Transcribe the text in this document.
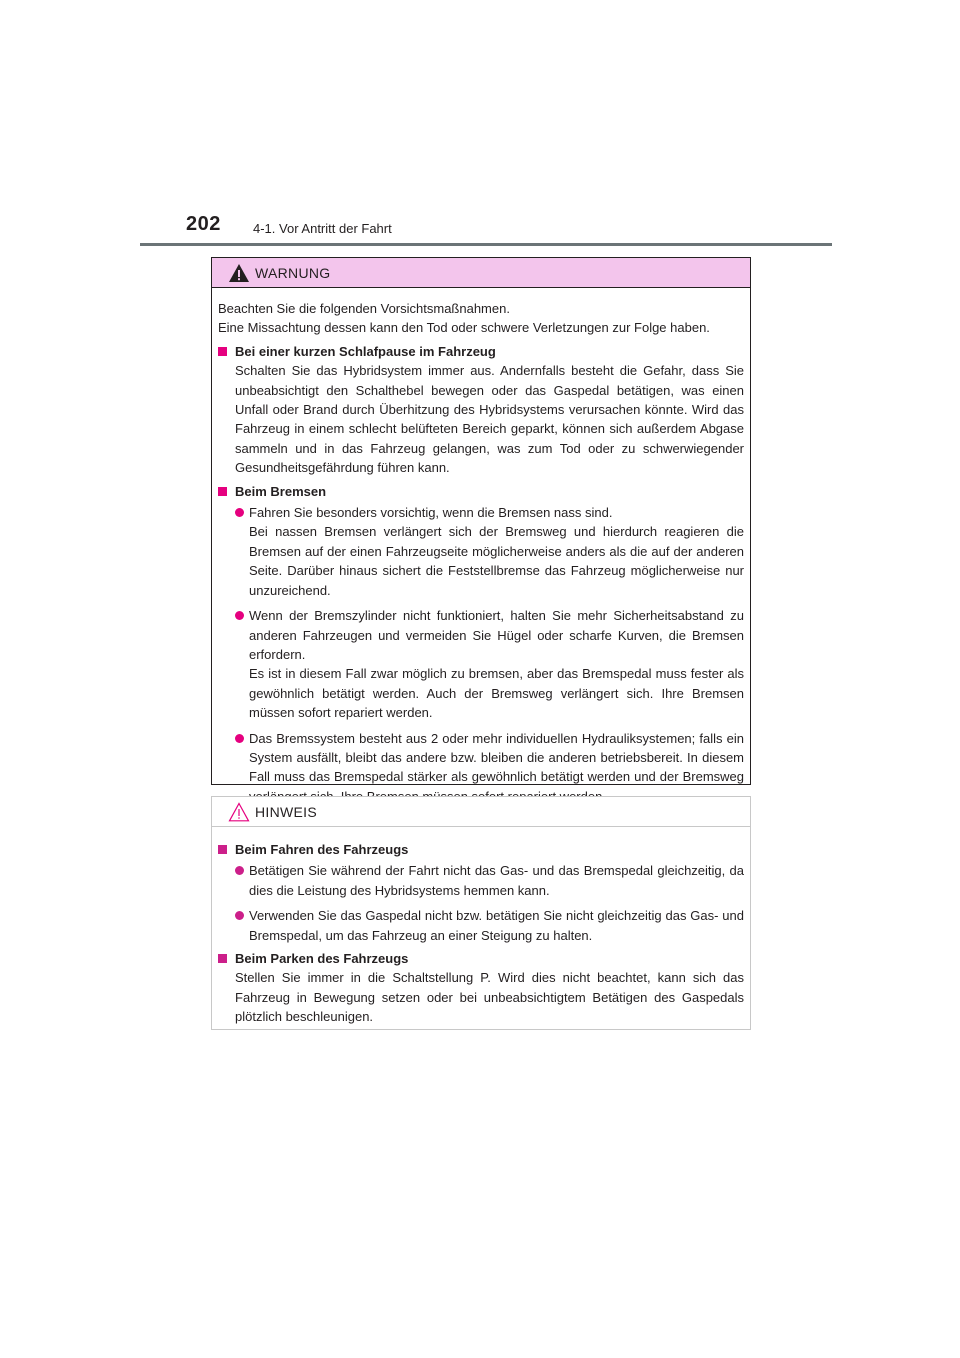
202 4-1. Vor Antritt der Fahrt
WARNUNG

Beachten Sie die folgenden Vorsichtsmaßnahmen.
Eine Missachtung dessen kann den Tod oder schwere Verletzungen zur Folge haben.

Bei einer kurzen Schlafpause im Fahrzeug
Schalten Sie das Hybridsystem immer aus. Andernfalls besteht die Gefahr, dass Sie unbeabsichtigt den Schalthebel bewegen oder das Gaspedal betätigen, was einen Unfall oder Brand durch Überhitzung des Hybridsystems verursachen könnte. Wird das Fahrzeug in einem schlecht belüfteten Bereich geparkt, können sich außerdem Abgase sammeln und in das Fahrzeug gelangen, was zum Tod oder zu schwerwiegender Gesundheitsgefährdung führen kann.
Beim Bremsen
Fahren Sie besonders vorsichtig, wenn die Bremsen nass sind.
Bei nassen Bremsen verlängert sich der Bremsweg und hierdurch reagieren die Bremsen auf der einen Fahrzeugseite möglicherweise anders als die auf der anderen Seite. Darüber hinaus sichert die Feststellbremse das Fahrzeug möglicherweise nur unzureichend.
Wenn der Bremszylinder nicht funktioniert, halten Sie mehr Sicherheitsabstand zu anderen Fahrzeugen und vermeiden Sie Hügel oder scharfe Kurven, die Bremsen erfordern.
Es ist in diesem Fall zwar möglich zu bremsen, aber das Bremspedal muss fester als gewöhnlich betätigt werden. Auch der Bremsweg verlängert sich. Ihre Bremsen müssen sofort repariert werden.
Das Bremssystem besteht aus 2 oder mehr individuellen Hydrauliksystemen; falls ein System ausfällt, bleibt das andere bzw. bleiben die anderen betriebsbereit. In diesem Fall muss das Bremspedal stärker als gewöhnlich betätigt werden und der Bremsweg
HINWEIS
Beim Fahren des Fahrzeugs
Betätigen Sie während der Fahrt nicht das Gas- und das Bremspedal gleichzeitig, da dies die Leistung des Hybridsystems hemmen kann.
Verwenden Sie das Gaspedal nicht bzw. betätigen Sie nicht gleichzeitig das Gas- und Bremspedal, um das Fahrzeug an einer Steigung zu halten.
Beim Parken des Fahrzeugs
Stellen Sie immer in die Schaltstellung P. Wird dies nicht beachtet, kann sich das Fahrzeug in Bewegung setzen oder bei unbeabsichtigtem Betätigen des Gaspedals plötzlich beschleunigen.
